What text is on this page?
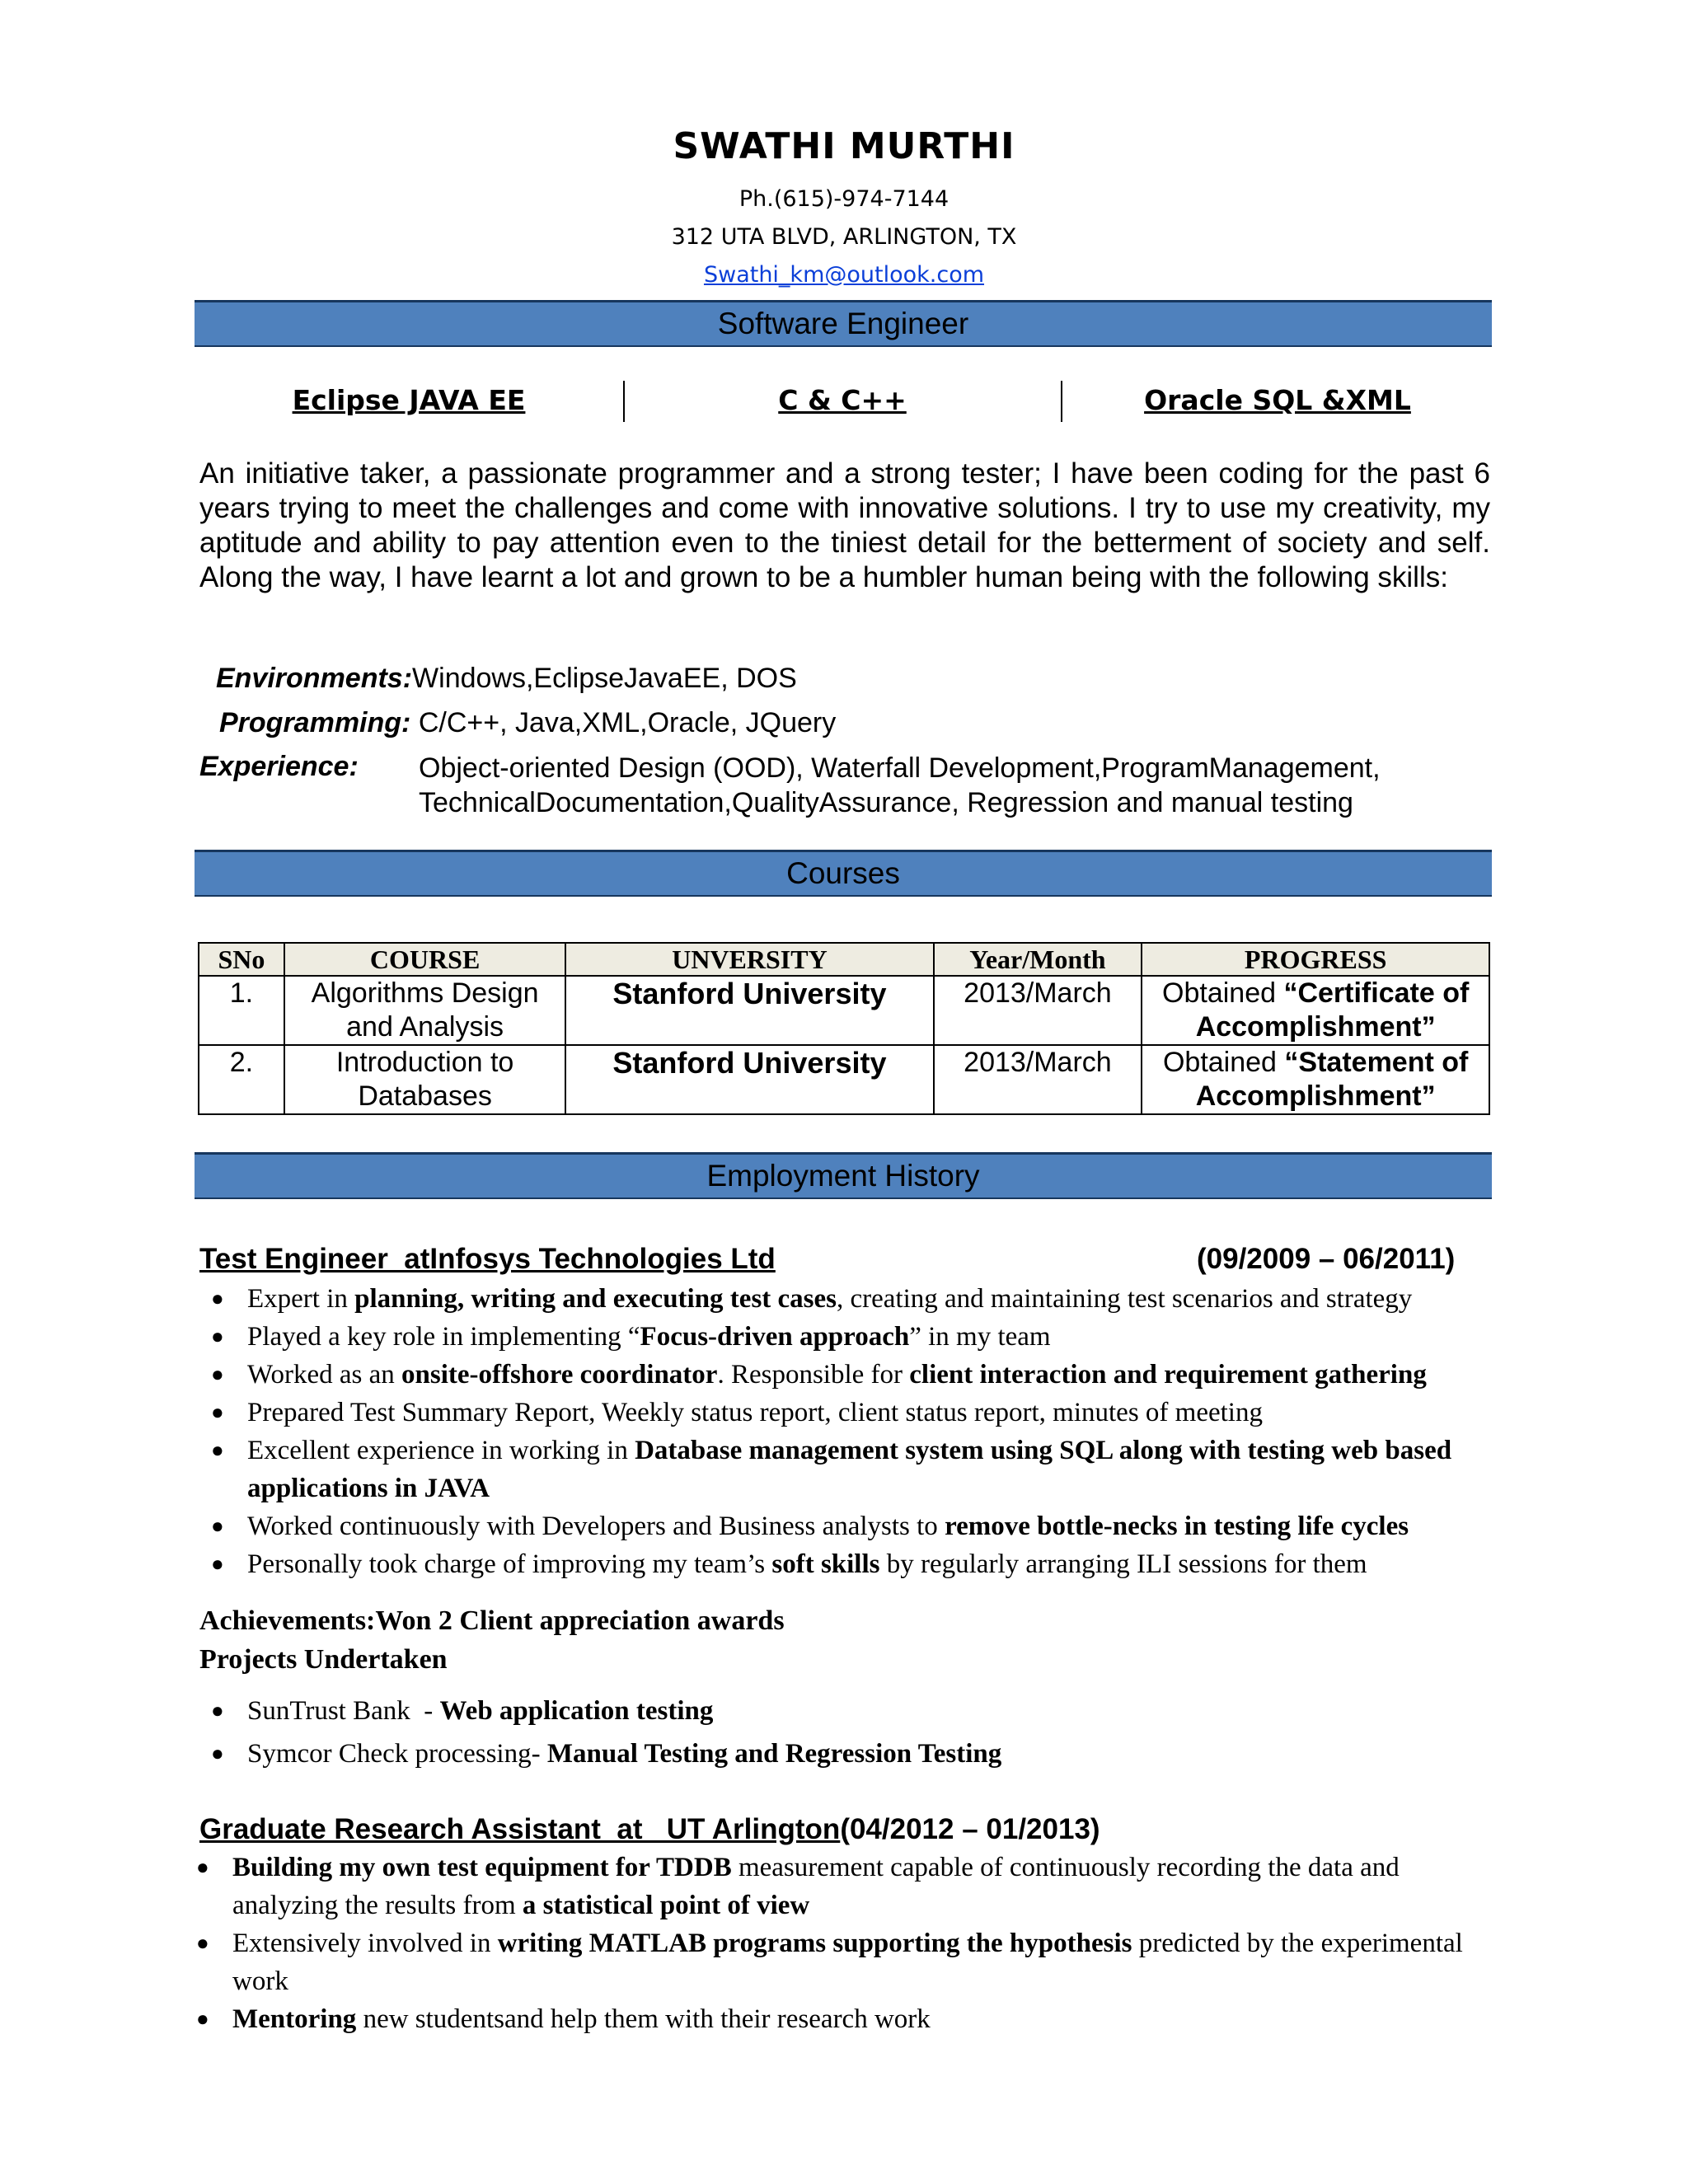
SWATHI MURTHI
Ph.(615)-974-7144
312 UTA BLVD, ARLINGTON, TX
Swathi_km@outlook.com
Software Engineer
Eclipse JAVA EE	C & C++	Oracle SQL &XML
An initiative taker, a passionate programmer and a strong tester; I have been coding for the past 6 years trying to meet the challenges and come with innovative solutions. I try to use my creativity, my aptitude and ability to pay attention even to the tiniest detail for the betterment of society and self. Along the way, I have learnt a lot and grown to be a humbler human being with the following skills:
Environments:Windows,EclipseJavaEE, DOS
Programming: C/C++, Java,XML,Oracle, JQuery
Experience: Object-oriented Design (OOD), Waterfall Development,ProgramManagement, TechnicalDocumentation,QualityAssurance, Regression and manual testing
Courses
SNo	COURSE	UNVERSITY	Year/Month	PROGRESS
1.	Algorithms Design and Analysis	Stanford University	2013/March	Obtained “Certificate of Accomplishment”
2.	Introduction to Databases	Stanford University	2013/March	Obtained “Statement of Accomplishment”
Employment History
Test Engineer  atInfosys Technologies Ltd	(09/2009 – 06/2011)
● Expert in planning, writing and executing test cases, creating and maintaining test scenarios and strategy
● Played a key role in implementing “Focus-driven approach” in my team
● Worked as an onsite-offshore coordinator. Responsible for client interaction and requirement gathering
● Prepared Test Summary Report, Weekly status report, client status report, minutes of meeting
● Excellent experience in working in Database management system using SQL along with testing web based applications in JAVA
● Worked continuously with Developers and Business analysts to remove bottle-necks in testing life cycles
● Personally took charge of improving my team’s soft skills by regularly arranging ILI sessions for them
Achievements:Won 2 Client appreciation awards
Projects Undertaken
● SunTrust Bank  - Web application testing
● Symcor Check processing- Manual Testing and Regression Testing
Graduate Research Assistant  at   UT Arlington(04/2012 – 01/2013)
● Building my own test equipment for TDDB measurement capable of continuously recording the data and analyzing the results from a statistical point of view
● Extensively involved in writing MATLAB programs supporting the hypothesis predicted by the experimental work
● Mentoring new studentsand help them with their research work
